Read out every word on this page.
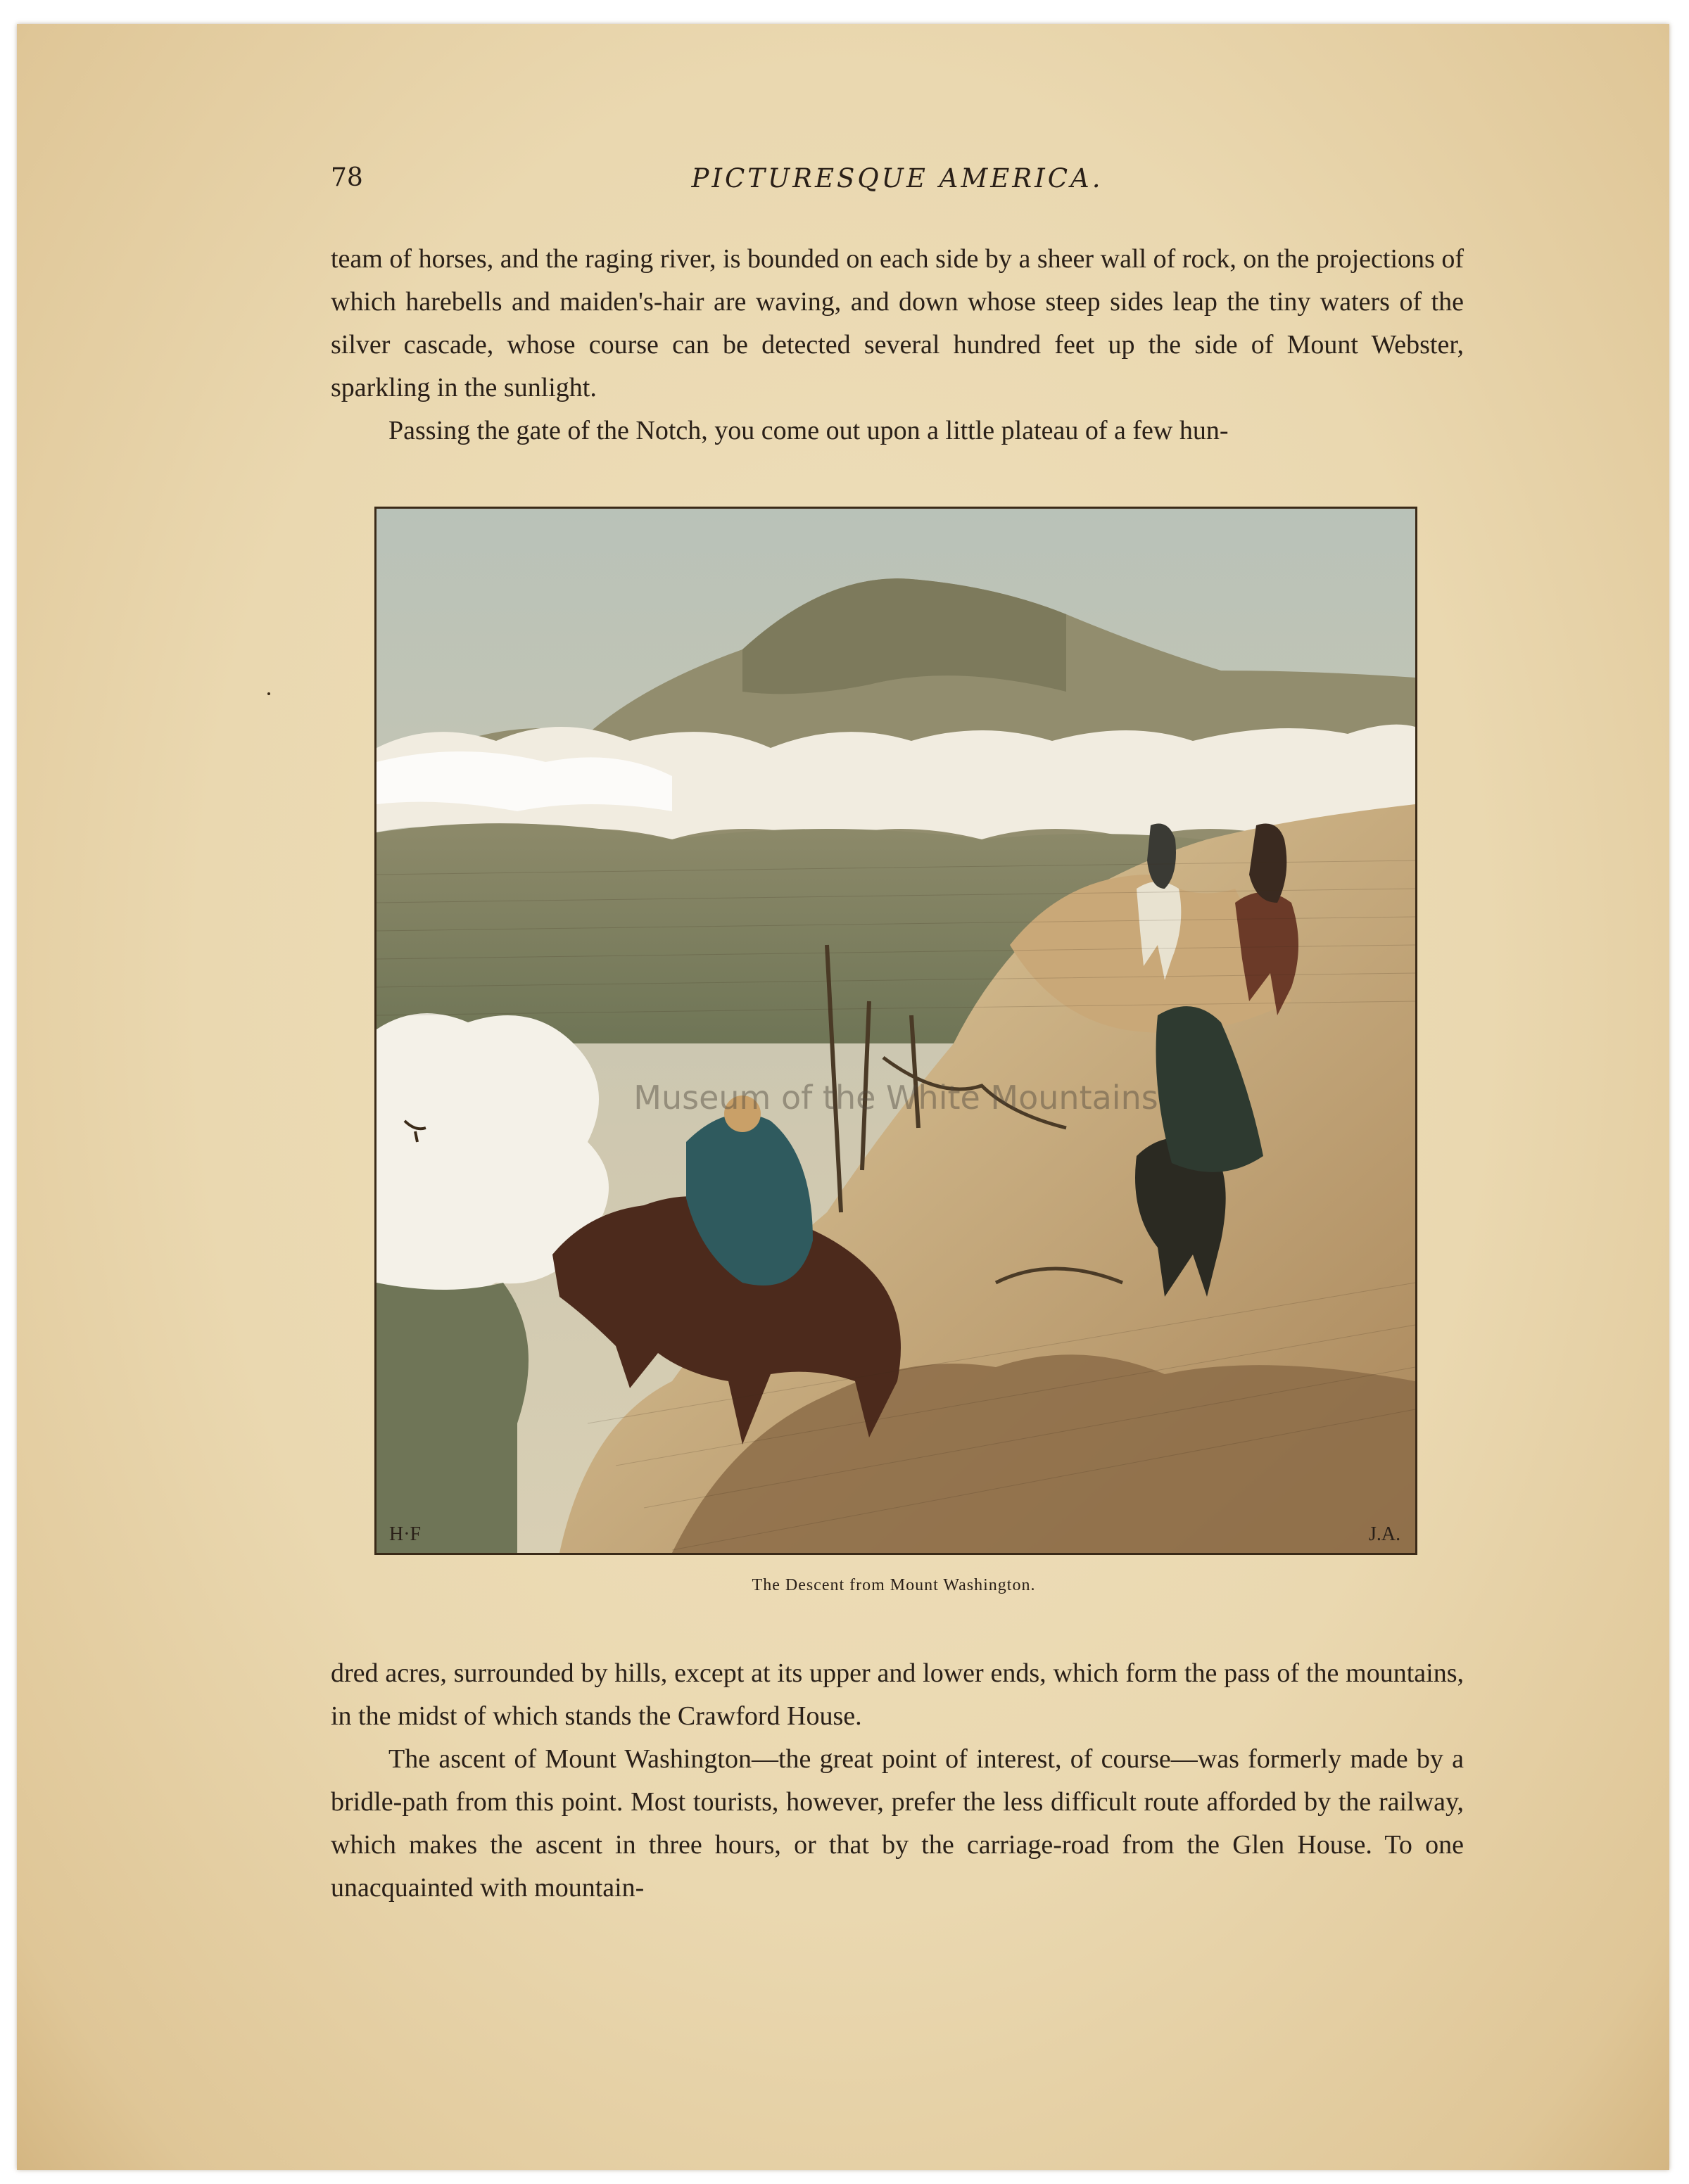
78	PICTURESQUE AMERICA.

team of horses, and the raging river, is bounded on each side by a sheer wall of rock, on the projections of which harebells and maiden's-hair are waving, and down whose steep sides leap the tiny waters of the silver cascade, whose course can be detected several hundred feet up the side of Mount Webster, sparkling in the sunlight.

Passing the gate of the Notch, you come out upon a little plateau of a few hun-

H·F	J.A.

Museum of the White Mountains

The Descent from Mount Washington.

dred acres, surrounded by hills, except at its upper and lower ends, which form the pass of the mountains, in the midst of which stands the Crawford House.

The ascent of Mount Washington—the great point of interest, of course—was formerly made by a bridle-path from this point. Most tourists, however, prefer the less difficult route afforded by the railway, which makes the ascent in three hours, or that by the carriage-road from the Glen House. To one unacquainted with mountain-
